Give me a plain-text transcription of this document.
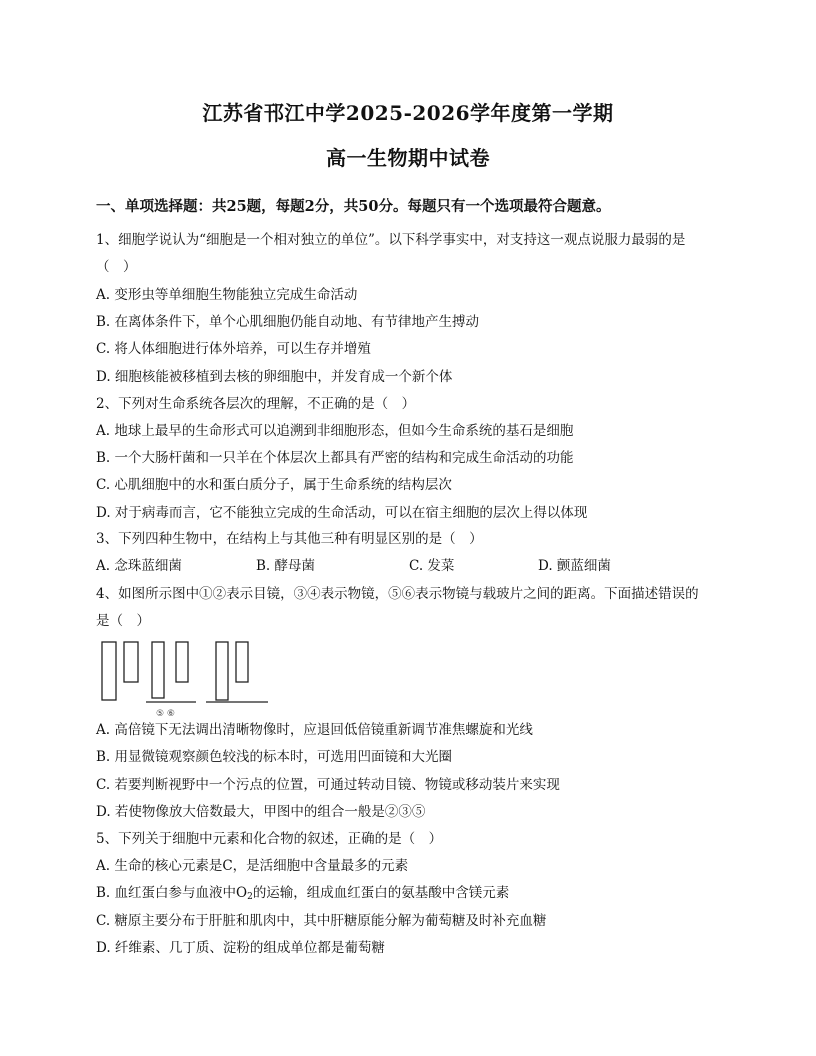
江苏省邗江中学2025-2026学年度第一学期
高一生物期中试卷
一、单项选择题：共25题，每题2分，共50分。每题只有一个选项最符合题意。
1、细胞学说认为“细胞是一个相对独立的单位”。以下科学事实中，对支持这一观点说服力最弱的是
（　）
A. 变形虫等单细胞生物能独立完成生命活动
B. 在离体条件下，单个心肌细胞仍能自动地、有节律地产生搏动
C. 将人体细胞进行体外培养，可以生存并增殖
D. 细胞核能被移植到去核的卵细胞中，并发育成一个新个体
2、下列对生命系统各层次的理解，不正确的是（　）
A. 地球上最早的生命形式可以追溯到非细胞形态，但如今生命系统的基石是细胞
B. 一个大肠杆菌和一只羊在个体层次上都具有严密的结构和完成生命活动的功能
C. 心肌细胞中的水和蛋白质分子，属于生命系统的结构层次
D. 对于病毒而言，它不能独立完成的生命活动，可以在宿主细胞的层次上得以体现
3、下列四种生物中，在结构上与其他三种有明显区别的是（　）
A. 念珠蓝细菌	B. 酵母菌	C. 发菜	D. 颤蓝细菌
4、如图所示图中①②表示目镜，③④表示物镜，⑤⑥表示物镜与载玻片之间的距离。下面描述错误的
是（　）
⑤ ⑥
A. 高倍镜下无法调出清晰物像时，应退回低倍镜重新调节准焦螺旋和光线
B. 用显微镜观察颜色较浅的标本时，可选用凹面镜和大光圈
C. 若要判断视野中一个污点的位置，可通过转动目镜、物镜或移动装片来实现
D. 若使物像放大倍数最大，甲图中的组合一般是②③⑤
5、下列关于细胞中元素和化合物的叙述，正确的是（　）
A. 生命的核心元素是C，是活细胞中含量最多的元素
B. 血红蛋白参与血液中$O_2$的运输，组成血红蛋白的氨基酸中含镁元素
C. 糖原主要分布于肝脏和肌肉中，其中肝糖原能分解为葡萄糖及时补充血糖
D. 纤维素、几丁质、淀粉的组成单位都是葡萄糖
